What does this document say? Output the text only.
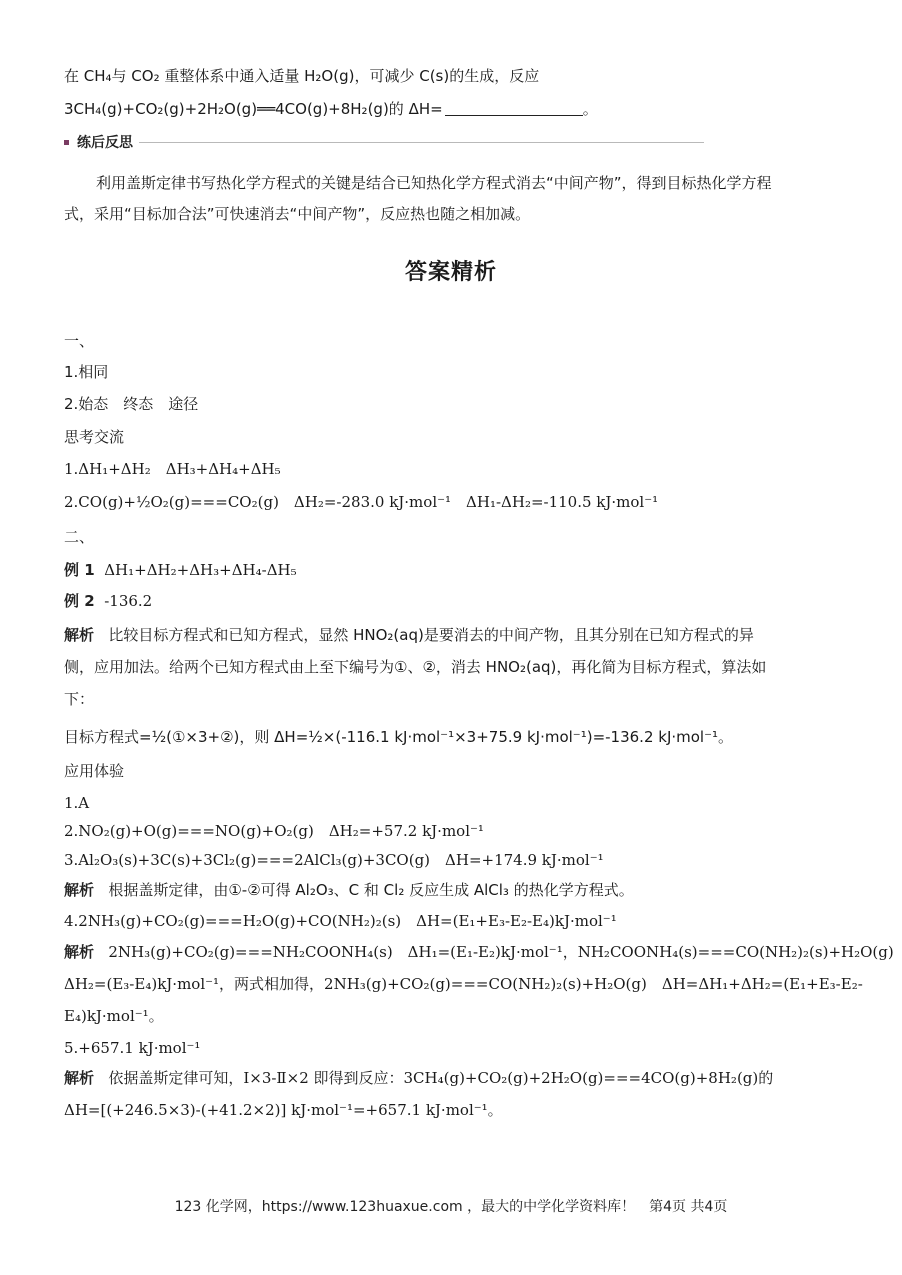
在 CH₄与 CO₂ 重整体系中通入适量 H₂O(g)，可减少 C(s)的生成，反应
3CH₄(g)+CO₂(g)+2H₂O(g)══4CO(g)+8H₂(g)的 ΔH=	。
练后反思
利用盖斯定律书写热化学方程式的关键是结合已知热化学方程式消去“中间产物”，得到目标热化学方程
式，采用“目标加合法”可快速消去“中间产物”，反应热也随之相加减。
答案精析
一、
1.相同
2.始态　终态　途径
思考交流
1.ΔH₁+ΔH₂　ΔH₃+ΔH₄+ΔH₅
2.CO(g)+½O₂(g)===CO₂(g)　ΔH₂=-283.0 kJ·mol⁻¹　ΔH₁-ΔH₂=-110.5 kJ·mol⁻¹
二、
例 1 ΔH₁+ΔH₂+ΔH₃+ΔH₄-ΔH₅
例 2 -136.2
解析 比较目标方程式和已知方程式，显然 HNO₂(aq)是要消去的中间产物，且其分别在已知方程式的异
侧，应用加法。给两个已知方程式由上至下编号为①、②，消去 HNO₂(aq)，再化简为目标方程式，算法如
下：
目标方程式=½(①×3+②)，则 ΔH=½×(-116.1 kJ·mol⁻¹×3+75.9 kJ·mol⁻¹)=-136.2 kJ·mol⁻¹。
应用体验
1.A
2.NO₂(g)+O(g)===NO(g)+O₂(g)　ΔH₂=+57.2 kJ·mol⁻¹
3.Al₂O₃(s)+3C(s)+3Cl₂(g)===2AlCl₃(g)+3CO(g)　ΔH=+174.9 kJ·mol⁻¹
解析 根据盖斯定律，由①-②可得 Al₂O₃、C 和 Cl₂ 反应生成 AlCl₃ 的热化学方程式。
4.2NH₃(g)+CO₂(g)===H₂O(g)+CO(NH₂)₂(s)　ΔH=(E₁+E₃-E₂-E₄)kJ·mol⁻¹
解析 2NH₃(g)+CO₂(g)===NH₂COONH₄(s)　ΔH₁=(E₁-E₂)kJ·mol⁻¹，NH₂COONH₄(s)===CO(NH₂)₂(s)+H₂O(g)
ΔH₂=(E₃-E₄)kJ·mol⁻¹，两式相加得，2NH₃(g)+CO₂(g)===CO(NH₂)₂(s)+H₂O(g)　ΔH=ΔH₁+ΔH₂=(E₁+E₃-E₂-
E₄)kJ·mol⁻¹。
5.+657.1 kJ·mol⁻¹
解析 依据盖斯定律可知，Ⅰ×3-Ⅱ×2 即得到反应：3CH₄(g)+CO₂(g)+2H₂O(g)===4CO(g)+8H₂(g)的
ΔH=[(+246.5×3)-(+41.2×2)] kJ·mol⁻¹=+657.1 kJ·mol⁻¹。
123 化学网，https://www.123huaxue.com ，最大的中学化学资料库！　第4页 共4页
